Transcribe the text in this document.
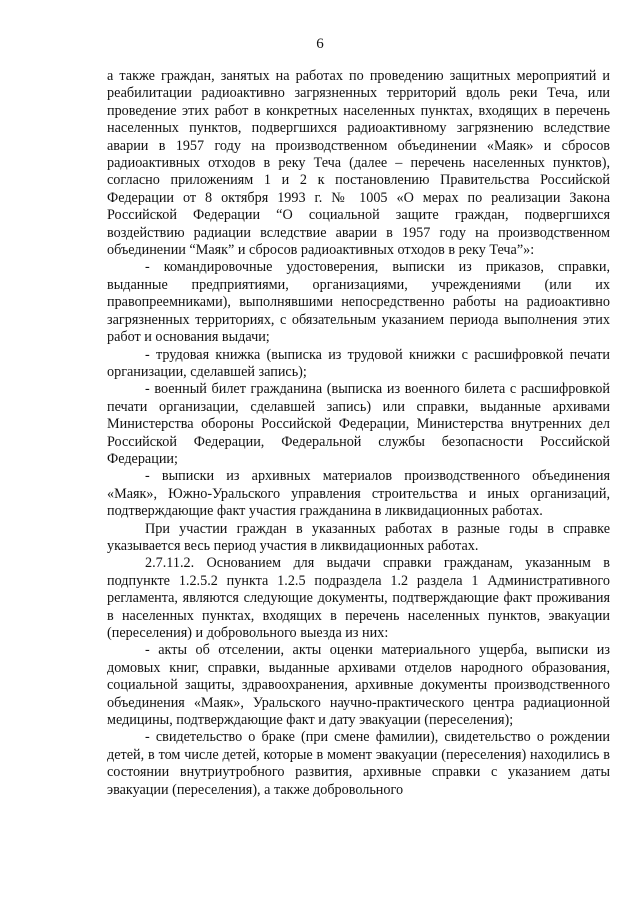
6

а также граждан, занятых на работах по проведению защитных мероприятий и реабилитации радиоактивно загрязненных территорий вдоль реки Теча, или проведение этих работ в конкретных населенных пунктах, входящих в перечень населенных пунктов, подвергшихся радиоактивному загрязнению вследствие аварии в 1957 году на производственном объединении «Маяк» и сбросов радиоактивных отходов в реку Теча (далее – перечень населенных пунктов), согласно приложениям 1 и 2 к постановлению Правительства Российской Федерации от 8 октября 1993 г. № 1005 «О мерах по реализации Закона Российской Федерации “О социальной защите граждан, подвергшихся воздействию радиации вследствие аварии в 1957 году на производственном объединении “Маяк” и сбросов радиоактивных отходов в реку Теча”»:

- командировочные удостоверения, выписки из приказов, справки, выданные предприятиями, организациями, учреждениями (или их правопреемниками), выполнявшими непосредственно работы на радиоактивно загрязненных территориях, с обязательным указанием периода выполнения этих работ и основания выдачи;

- трудовая книжка (выписка из трудовой книжки с расшифровкой печати организации, сделавшей запись);

- военный билет гражданина (выписка из военного билета с расшифровкой печати организации, сделавшей запись) или справки, выданные архивами Министерства обороны Российской Федерации, Министерства внутренних дел Российской Федерации, Федеральной службы безопасности Российской Федерации;

- выписки из архивных материалов производственного объединения «Маяк», Южно-Уральского управления строительства и иных организаций, подтверждающие факт участия гражданина в ликвидационных работах.

При участии граждан в указанных работах в разные годы в справке указывается весь период участия в ликвидационных работах.

2.7.11.2. Основанием для выдачи справки гражданам, указанным в подпункте 1.2.5.2 пункта 1.2.5 подраздела 1.2 раздела 1 Административного регламента, являются следующие документы, подтверждающие факт проживания в населенных пунктах, входящих в перечень населенных пунктов, эвакуации (переселения) и добровольного выезда из них:

- акты об отселении, акты оценки материального ущерба, выписки из домовых книг, справки, выданные архивами отделов народного образования, социальной защиты, здравоохранения, архивные документы производственного объединения «Маяк», Уральского научно-практического центра радиационной медицины, подтверждающие факт и дату эвакуации (переселения);

- свидетельство о браке (при смене фамилии), свидетельство о рождении детей, в том числе детей, которые в момент эвакуации (переселения) находились в состоянии внутриутробного развития, архивные справки с указанием даты эвакуации (переселения), а также добровольного
